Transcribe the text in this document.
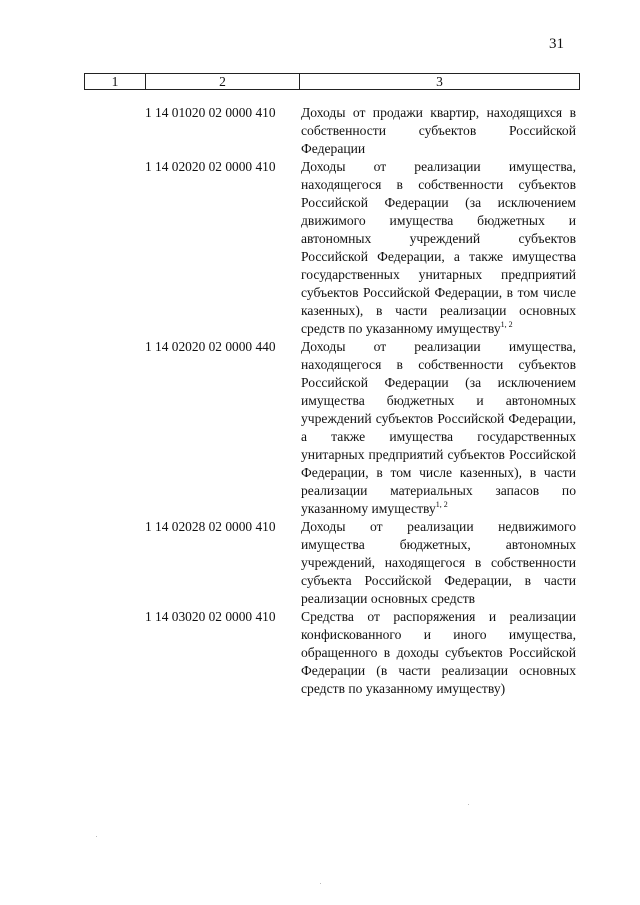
31
1	2	3
1 14 01020 02 0000 410	Доходы от продажи квартир, находящихся в собственности субъектов Российской Федерации
1 14 02020 02 0000 410	Доходы от реализации имущества, находящегося в собственности субъектов Российской Федерации (за исключением движимого имущества бюджетных и автономных учреждений субъектов Российской Федерации, а также имущества государственных унитарных предприятий субъектов Российской Федерации, в том числе казенных), в части реализации основных средств по указанному имуществу$^{1, 2}$
1 14 02020 02 0000 440	Доходы от реализации имущества, находящегося в собственности субъектов Российской Федерации (за исключением имущества бюджетных и автономных учреждений субъектов Российской Федерации, а также имущества государственных унитарных предприятий субъектов Российской Федерации, в том числе казенных), в части реализации материальных запасов по указанному имуществу$^{1, 2}$
1 14 02028 02 0000 410	Доходы от реализации недвижимого имущества бюджетных, автономных учреждений, находящегося в собственности субъекта Российской Федерации, в части реализации основных средств
1 14 03020 02 0000 410	Средства от распоряжения и реализации конфискованного и иного имущества, обращенного в доходы субъектов Российской Федерации (в части реализации основных средств по указанному имуществу)
